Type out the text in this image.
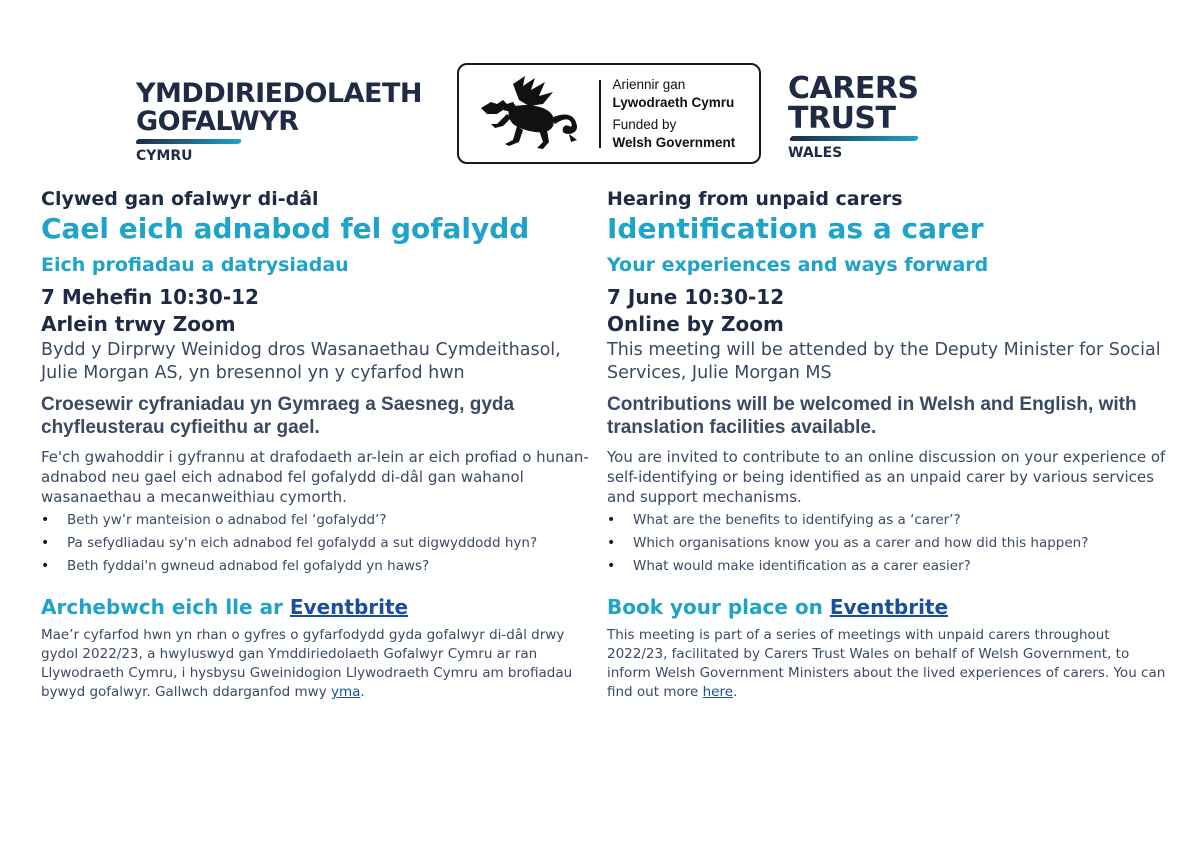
YMDDIRIEDOLAETH
GOFALWYR
CYMRU
Ariennir gan
Lywodraeth Cymru
Funded by
Welsh Government
CARERS
TRUST
WALES
Clywed gan ofalwyr di-dâl
Cael eich adnabod fel gofalydd
Eich profiadau a datrysiadau
7 Mehefin 10:30-12
Arlein trwy Zoom
Bydd y Dirprwy Weinidog dros Wasanaethau Cymdeithasol, Julie Morgan AS, yn bresennol yn y cyfarfod hwn
Croesewir cyfraniadau yn Gymraeg a Saesneg, gyda chyfleusterau cyfieithu ar gael.
Fe'ch gwahoddir i gyfrannu at drafodaeth ar-lein ar eich profiad o hunan-adnabod neu gael eich adnabod fel gofalydd di-dâl gan wahanol wasanaethau a mecanweithiau cymorth.
• Beth yw’r manteision o adnabod fel ‘gofalydd’?
• Pa sefydliadau sy'n eich adnabod fel gofalydd a sut digwyddodd hyn?
• Beth fyddai'n gwneud adnabod fel gofalydd yn haws?
Archebwch eich lle ar Eventbrite
Mae’r cyfarfod hwn yn rhan o gyfres o gyfarfodydd gyda gofalwyr di-dâl drwy gydol 2022/23, a hwyluswyd gan Ymddiriedolaeth Gofalwyr Cymru ar ran Llywodraeth Cymru, i hysbysu Gweinidogion Llywodraeth Cymru am brofiadau bywyd gofalwyr. Gallwch ddarganfod mwy yma.
Hearing from unpaid carers
Identification as a carer
Your experiences and ways forward
7 June 10:30-12
Online by Zoom
This meeting will be attended by the Deputy Minister for Social Services, Julie Morgan MS
Contributions will be welcomed in Welsh and English, with translation facilities available.
You are invited to contribute to an online discussion on your experience of self-identifying or being identified as an unpaid carer by various services and support mechanisms.
• What are the benefits to identifying as a ‘carer’?
• Which organisations know you as a carer and how did this happen?
• What would make identification as a carer easier?
Book your place on Eventbrite
This meeting is part of a series of meetings with unpaid carers throughout 2022/23, facilitated by Carers Trust Wales on behalf of Welsh Government, to inform Welsh Government Ministers about the lived experiences of carers. You can find out more here.
